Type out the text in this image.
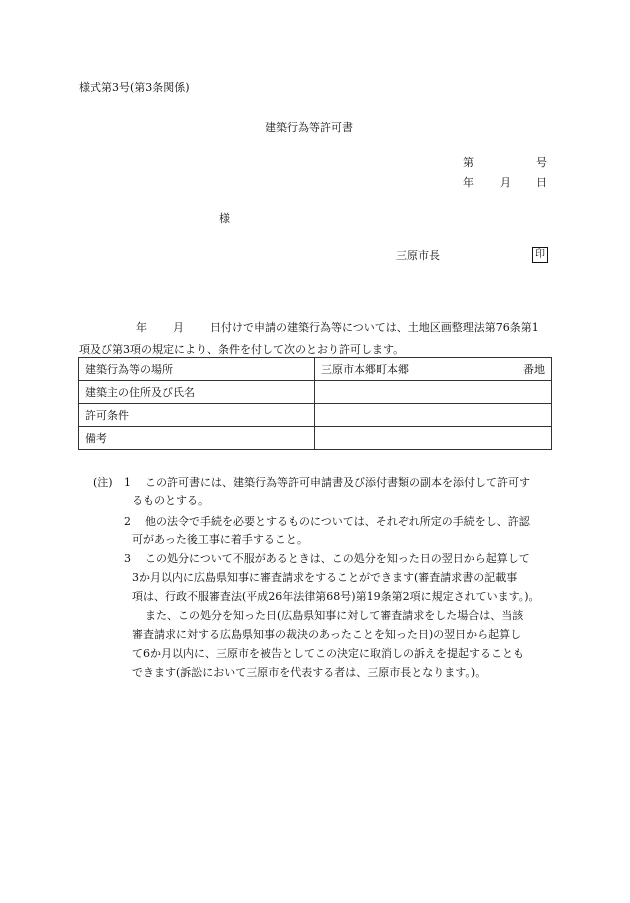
様式第3号(第3条関係)
建築行為等許可書
第	号
年 月 日
様
三原市長	印
年 月 日付けで申請の建築行為等については、土地区画整理法第76条第1
項及び第3項の規定により、条件を付して次のとおり許可します。
建築行為等の場所	三原市本郷町本郷 番地

建築主の住所及び氏名	
許可条件	
備考	
(注) 1 この許可書には、建築行為等許可申請書及び添付書類の副本を添付して許可す
るものとする。
2 他の法令で手続を必要とするものについては、それぞれ所定の手続をし、許認
可があった後工事に着手すること。
3 この処分について不服があるときは、この処分を知った日の翌日から起算して
3か月以内に広島県知事に審査請求をすることができます(審査請求書の記載事
項は、行政不服審査法(平成26年法律第68号)第19条第2項に規定されています。)。
また、この処分を知った日(広島県知事に対して審査請求をした場合は、当該
審査請求に対する広島県知事の裁決のあったことを知った日)の翌日から起算し
て6か月以内に、三原市を被告としてこの決定に取消しの訴えを提起することも
できます(訴訟において三原市を代表する者は、三原市長となります。)。
